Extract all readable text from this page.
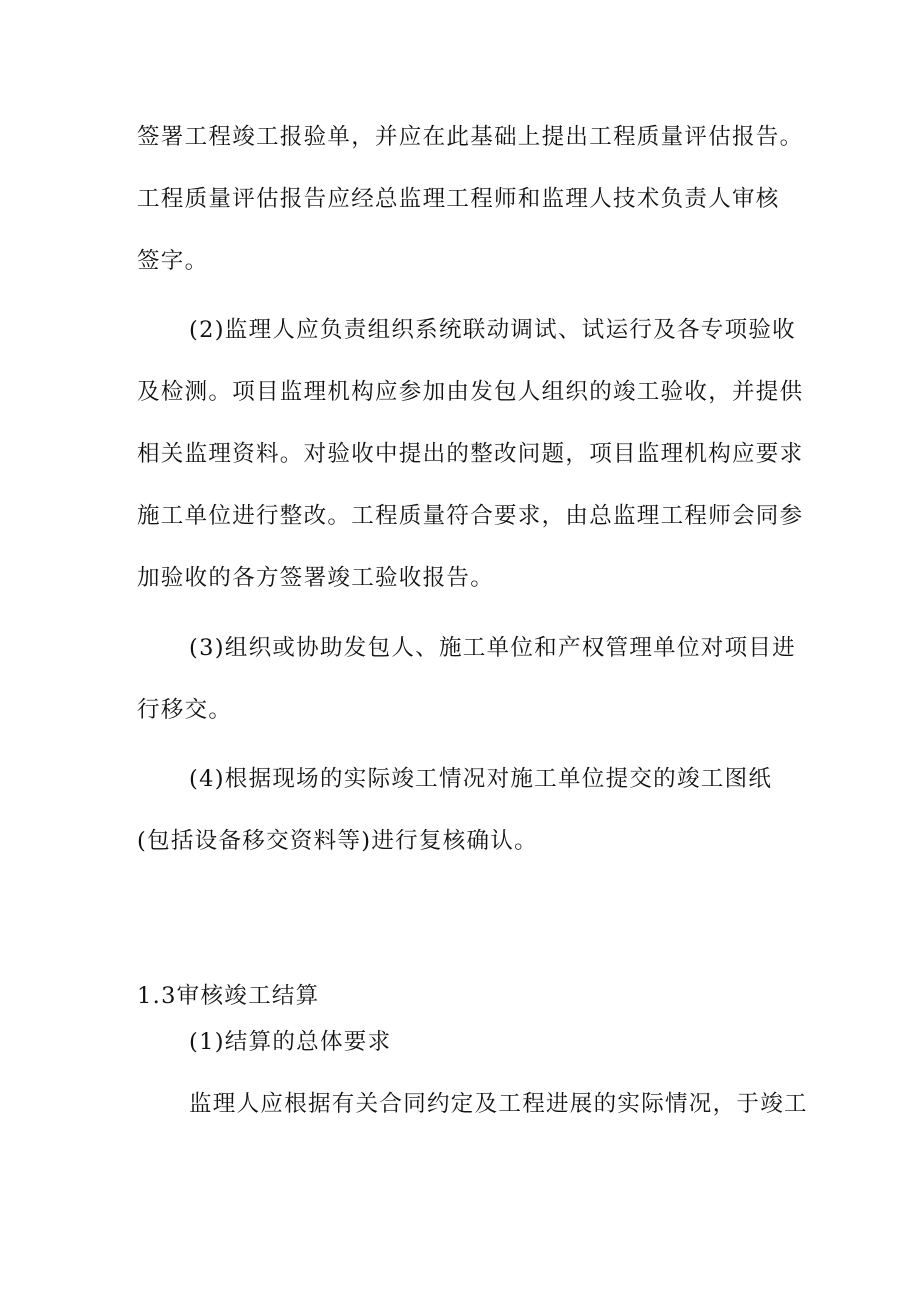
签署工程竣工报验单，并应在此基础上提出工程质量评估报告。
工程质量评估报告应经总监理工程师和监理人技术负责人审核
签字。
(2)监理人应负责组织系统联动调试、试运行及各专项验收
及检测。项目监理机构应参加由发包人组织的竣工验收，并提供
相关监理资料。对验收中提出的整改问题，项目监理机构应要求
施工单位进行整改。工程质量符合要求，由总监理工程师会同参
加验收的各方签署竣工验收报告。
(3)组织或协助发包人、施工单位和产权管理单位对项目进
行移交。
(4)根据现场的实际竣工情况对施工单位提交的竣工图纸
(包括设备移交资料等)进行复核确认。
1.3审核竣工结算
(1)结算的总体要求
监理人应根据有关合同约定及工程进展的实际情况，于竣工
